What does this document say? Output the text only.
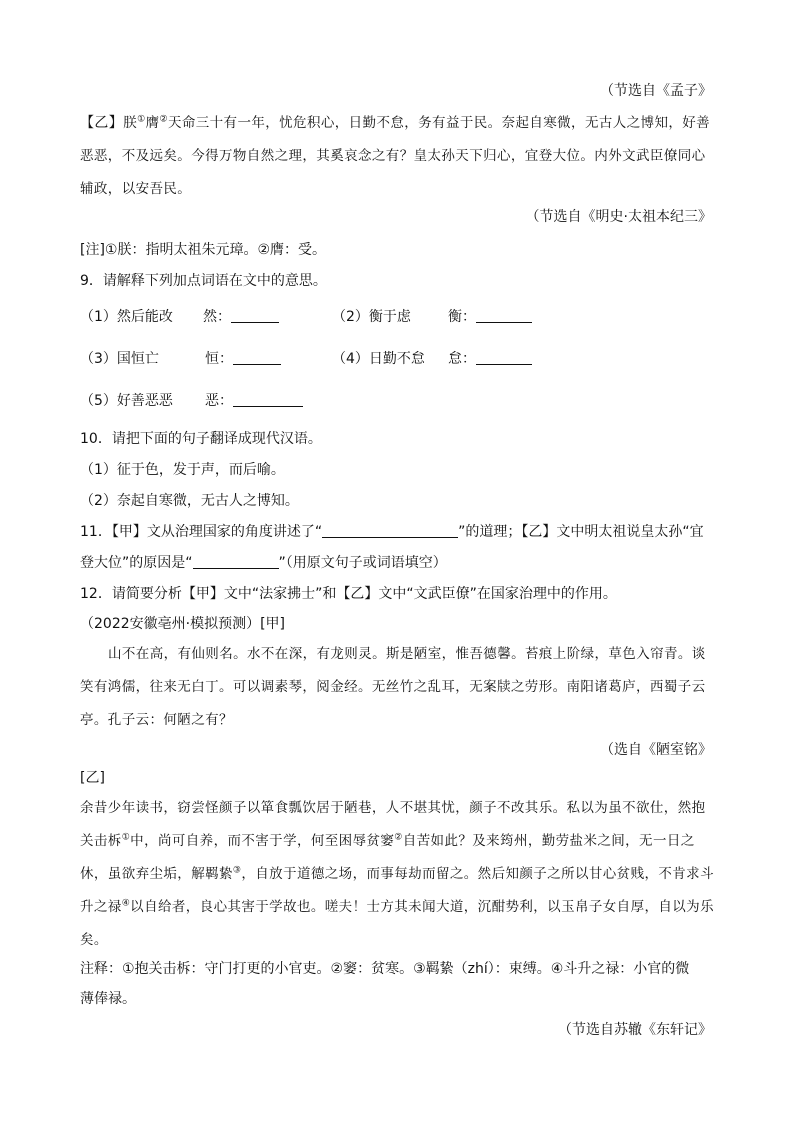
（节选自《孟子》
【乙】朕①膺②天命三十有一年，忧危积心，日勤不怠，务有益于民。奈起自寒微，无古人之博知，好善
恶恶，不及远矣。今得万物自然之理，其奚哀念之有？皇太孙天下归心，宜登大位。内外文武臣僚同心
辅政，以安吾民。
（节选自《明史·太祖本纪三》
[注]①朕：指明太祖朱元璋。②膺：受。
9．请解释下列加点词语在文中的意思。
（1）然后能改 然：	（2）衡于虑	衡：
（3）国恒亡	恒：	（4）日勤不怠 怠：
（5）好善恶恶 恶：
10．请把下面的句子翻译成现代汉语。
（1）征于色，发于声，而后喻。
（2）奈起自寒微，无古人之博知。
11．【甲】文从治理国家的角度讲述了“	”的道理；【乙】文中明太祖说皇太孙“宜
登大位”的原因是“	”（用原文句子或词语填空）
12．请简要分析【甲】文中“法家拂士”和【乙】文中“文武臣僚”在国家治理中的作用。
（2022安徽亳州·模拟预测）[甲]
山不在高，有仙则名。水不在深，有龙则灵。斯是陋室，惟吾德馨。苔痕上阶绿，草色入帘青。谈
笑有鸿儒，往来无白丁。可以调素琴，阅金经。无丝竹之乱耳，无案牍之劳形。南阳诸葛庐，西蜀子云
亭。孔子云：何陋之有？
（选自《陋室铭》
[乙]
余昔少年读书，窃尝怪颜子以箪食瓢饮居于陋巷，人不堪其忧，颜子不改其乐。私以为虽不欲仕，然抱
关击柝①中，尚可自养，而不害于学，何至困辱贫窭②自苦如此？及来筠州，勤劳盐米之间，无一日之
休，虽欲弃尘垢，解羁絷③，自放于道德之场，而事每劫而留之。然后知颜子之所以甘心贫贱，不肯求斗
升之禄④以自给者，良心其害于学故也。嗟夫！士方其未闻大道，沉酣势利，以玉帛子女自厚，自以为乐
矣。
注释：①抱关击柝：守门打更的小官吏。②窭：贫寒。③羁絷（zhí）：束缚。④斗升之禄：小官的微
薄俸禄。
（节选自苏辙《东轩记》
